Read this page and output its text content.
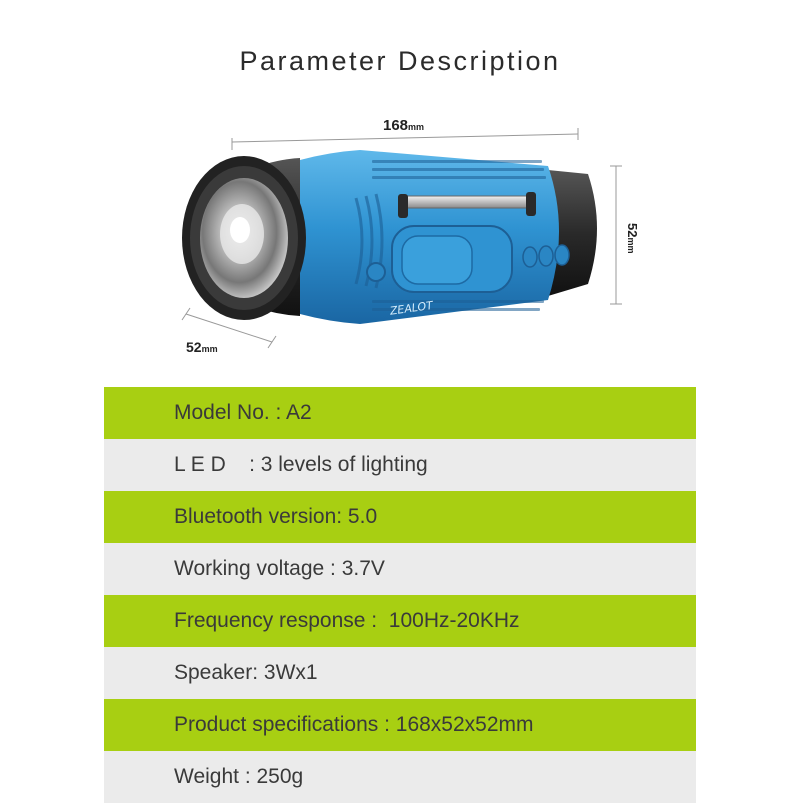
Parameter Description
168mm
52mm
52mm
ZEALOT
Model No. : A2
L E D    : 3 levels of lighting
Bluetooth version: 5.0
Working voltage : 3.7V
Frequency response :  100Hz-20KHz
Speaker: 3Wx1
Product specifications : 168x52x52mm
Weight : 250g
